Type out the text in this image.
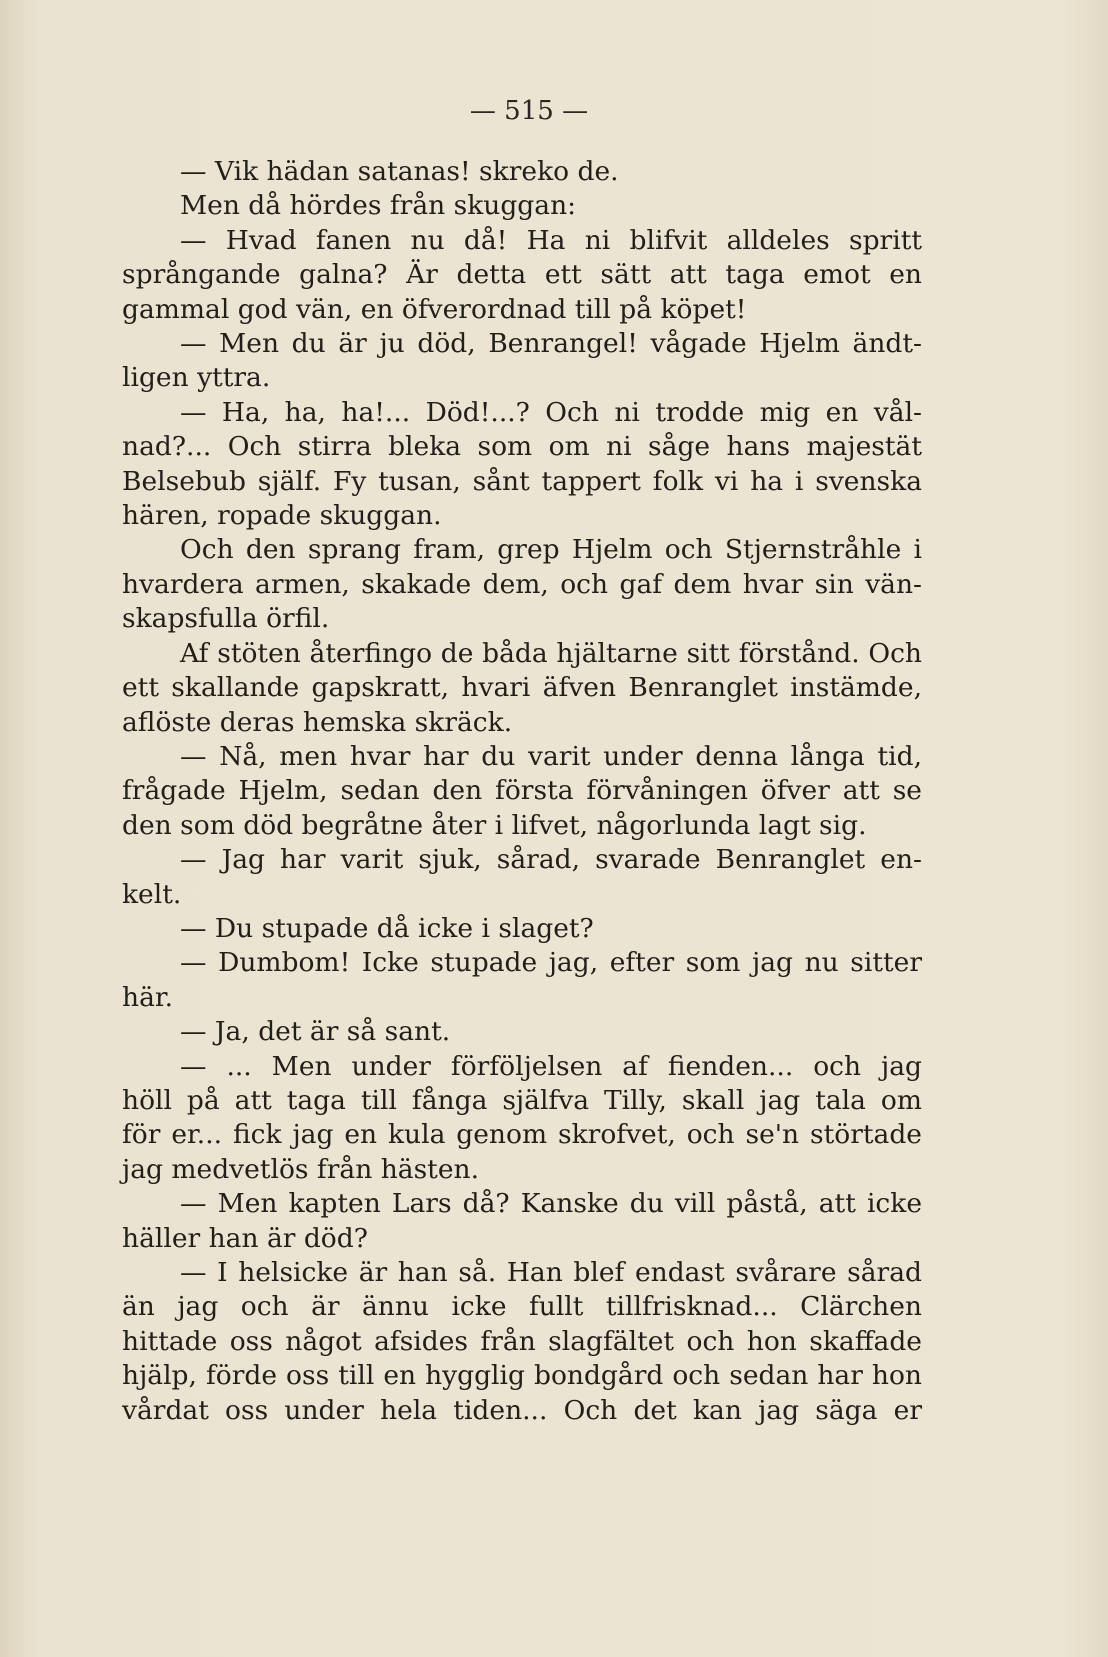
— 515 —
— Vik hädan satanas! skreko de.
Men då hördes från skuggan:
— Hvad fanen nu då! Ha ni blifvit alldeles spritt
språngande galna? Är detta ett sätt att taga emot en
gammal god vän, en öfverordnad till på köpet!
— Men du är ju död, Benrangel! vågade Hjelm ändt-
ligen yttra.
— Ha, ha, ha!... Död!...? Och ni trodde mig en vål-
nad?... Och stirra bleka som om ni såge hans majestät
Belsebub själf. Fy tusan, sånt tappert folk vi ha i svenska
hären, ropade skuggan.
Och den sprang fram, grep Hjelm och Stjernstråhle i
hvardera armen, skakade dem, och gaf dem hvar sin vän-
skapsfulla örfil.
Af stöten återfingo de båda hjältarne sitt förstånd. Och
ett skallande gapskratt, hvari äfven Benranglet instämde,
aflöste deras hemska skräck.
— Nå, men hvar har du varit under denna långa tid,
frågade Hjelm, sedan den första förvåningen öfver att se
den som död begråtne åter i lifvet, någorlunda lagt sig.
— Jag har varit sjuk, sårad, svarade Benranglet en-
kelt.
— Du stupade då icke i slaget?
— Dumbom! Icke stupade jag, efter som jag nu sitter
här.
— Ja, det är så sant.
— ... Men under förföljelsen af fienden... och jag
höll på att taga till fånga själfva Tilly, skall jag tala om
för er... fick jag en kula genom skrofvet, och se'n störtade
jag medvetlös från hästen.
— Men kapten Lars då? Kanske du vill påstå, att icke
häller han är död?
— I helsicke är han så. Han blef endast svårare sårad
än jag och är ännu icke fullt tillfrisknad... Clärchen
hittade oss något afsides från slagfältet och hon skaffade
hjälp, förde oss till en hygglig bondgård och sedan har hon
vårdat oss under hela tiden... Och det kan jag säga er
